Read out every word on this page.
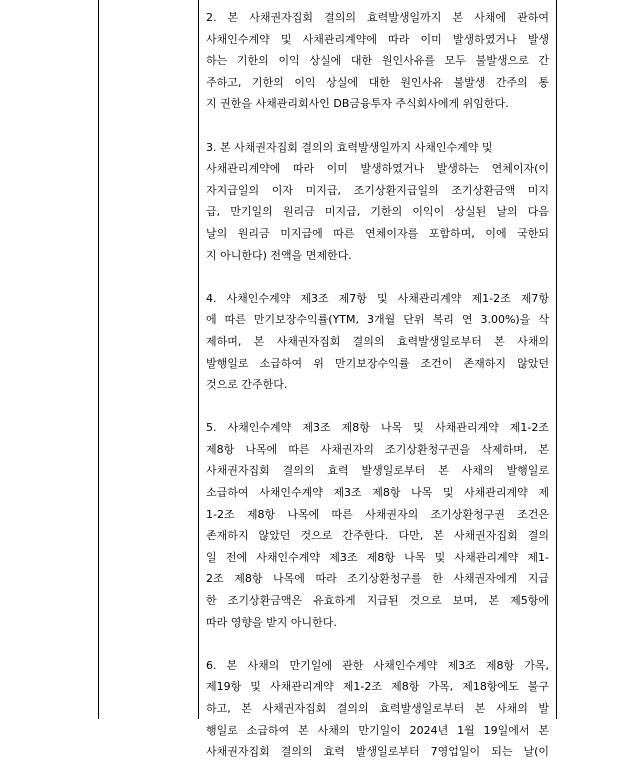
2. 본 사채권자집회 결의의 효력발생일까지 본 사채에 관하여
사채인수계약 및 사채관리계약에 따라 이미 발생하였거나 발생
하는 기한의 이익 상실에 대한 원인사유를 모두 불발생으로 간
주하고, 기한의 이익 상실에 대한 원인사유 불발생 간주의 통
지 권한을 사채관리회사인 DB금융투자 주식회사에게 위임한다.
3. 본 사채권자집회 결의의 효력발생일까지 사채인수계약 및
사채관리계약에 따라 이미 발생하였거나 발생하는 연체이자(이
자지급일의 이자 미지급, 조기상환지급일의 조기상환금액 미지
급, 만기일의 원리금 미지급, 기한의 이익이 상실된 날의 다음
날의 원리금 미지급에 따른 연체이자를 포함하며, 이에 국한되
지 아니한다) 전액을 면제한다.
4. 사채인수계약 제3조 제7항 및 사채관리계약 제1-2조 제7항
에 따른 만기보장수익률(YTM, 3개월 단위 복리 연 3.00%)을 삭
제하며, 본 사채권자집회 결의의 효력발생일로부터 본 사채의
발행일로 소급하여 위 만기보장수익률 조건이 존재하지 않았던
것으로 간주한다.
5. 사채인수계약 제3조 제8항 나목 및 사채관리계약 제1-2조
제8항 나목에 따른 사채권자의 조기상환청구권을 삭제하며, 본
사채권자집회 결의의 효력 발생일로부터 본 사채의 발행일로
소급하여 사채인수계약 제3조 제8항 나목 및 사채관리계약 제
1-2조 제8항 나목에 따른 사채권자의 조기상환청구권 조건은
존재하지 않았던 것으로 간주한다. 다만, 본 사채권자집회 결의
일 전에 사채인수계약 제3조 제8항 나목 및 사채관리계약 제1-
2조 제8항 나목에 따라 조기상환청구를 한 사채권자에게 지급
한 조기상환금액은 유효하게 지급된 것으로 보며, 본 제5항에
따라 영향을 받지 아니한다.
6. 본 사채의 만기일에 관한 사채인수계약 제3조 제8항 가목,
제19항 및 사채관리계약 제1-2조 제8항 가목, 제18항에도 불구
하고, 본 사채권자집회 결의의 효력발생일로부터 본 사채의 발
행일로 소급하여 본 사채의 만기일이 2024년 1월 19일에서 본
사채권자집회 결의의 효력 발생일로부터 7영업일이 되는 날(이
